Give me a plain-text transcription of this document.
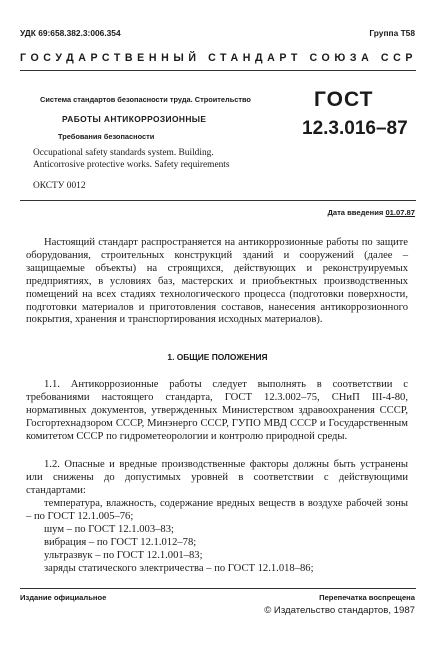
УДК 69:658.382.3:006.354	Группа Т58
ГОСУДАРСТВЕННЫЙ СТАНДАРТ СОЮЗА ССР
Система стандартов безопасности труда. Строительство
РАБОТЫ АНТИКОРРОЗИОННЫЕ
Требования безопасности
Occupational safety standards system. Building.
Anticorrosive protective works. Safety requirements
ОКСТУ 0012
ГОСТ
12.3.016–87
Дата введения 01.07.87

Настоящий стандарт распространяется на антикоррозионные работы по защите оборудования, строительных конструкций зданий и сооружений (далее – защищаемые объекты) на строящихся, действующих и реконструируемых предприятиях, в условиях баз, мастерских и приобъектных производственных помещений на всех стадиях технологического процесса (подготовки поверхности, подготовки материалов и приготовления составов, нанесения антикоррозионного покрытия, хранения и транспортирования исходных материалов).

1. ОБЩИЕ ПОЛОЖЕНИЯ

1.1. Антикоррозионные работы следует выполнять в соответствии с требованиями настоящего стандарта, ГОСТ 12.3.002–75, СНиП III-4-80, нормативных документов, утвержденных Министерством здравоохранения СССР, Госгортехнадзором СССР, Минэнерго СССР, ГУПО МВД СССР и Государственным комитетом СССР по гидрометеорологии и контролю природной среды.

1.2. Опасные и вредные производственные факторы должны быть устранены или снижены до допустимых уровней в соответствии с действующими стандартами:

температура, влажность, содержание вредных веществ в воздухе рабочей зоны – по ГОСТ 12.1.005–76;

шум – по ГОСТ 12.1.003–83;
вибрация – по ГОСТ 12.1.012–78;
ультразвук – по ГОСТ 12.1.001–83;
заряды статического электричества – по ГОСТ 12.1.018–86;
Издание официальное	Перепечатка воспрещена
© Издательство стандартов, 1987
